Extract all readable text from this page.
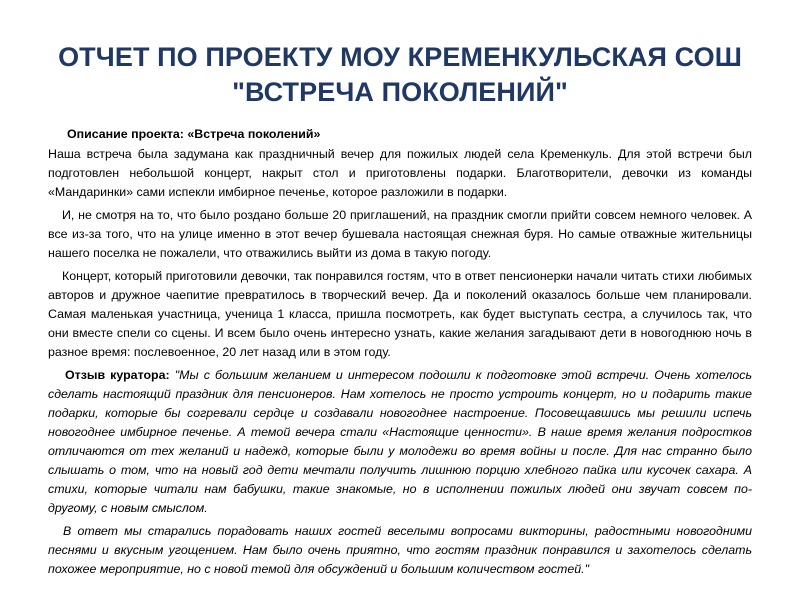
ОТЧЕТ ПО ПРОЕКТУ МОУ КРЕМЕНКУЛЬСКАЯ СОШ
"ВСТРЕЧА ПОКОЛЕНИЙ"
Описание проекта: «Встреча поколений»

Наша встреча была задумана как праздничный вечер для пожилых людей села Кременкуль. Для этой встречи был подготовлен небольшой концерт, накрыт стол и приготовлены подарки. Благотворители, девочки из команды «Мандаринки» сами испекли имбирное печенье, которое разложили в подарки.

И, не смотря на то, что было роздано больше 20 приглашений, на праздник смогли прийти совсем немного человек. А все из-за того, что на улице именно в этот вечер бушевала настоящая снежная буря. Но самые отважные жительницы нашего поселка не пожалели, что отважились выйти из дома в такую погоду.

Концерт, который приготовили девочки, так понравился гостям, что в ответ пенсионерки начали читать стихи любимых авторов и дружное чаепитие превратилось в творческий вечер. Да и поколений оказалось больше чем планировали. Самая маленькая участница, ученица 1 класса, пришла посмотреть, как будет выступать сестра, а случилось так, что они вместе спели со сцены. И всем было очень интересно узнать, какие желания загадывают дети в новогоднюю ночь в разное время: послевоенное, 20 лет назад или в этом году.

Отзыв куратора: "Мы с большим желанием и интересом подошли к подготовке этой встречи. Очень хотелось сделать настоящий праздник для пенсионеров. Нам хотелось не просто устроить концерт, но и подарить такие подарки, которые бы согревали сердце и создавали новогоднее настроение. Посовещавшись мы решили испечь новогоднее имбирное печенье. А темой вечера стали «Настоящие ценности». В наше время желания подростков отличаются от тех желаний и надежд, которые были у молодежи во время войны и после. Для нас странно было слышать о том, что на новый год дети мечтали получить лишнюю порцию хлебного пайка или кусочек сахара. А стихи, которые читали нам бабушки, такие знакомые, но в исполнении пожилых людей они звучат совсем по-другому, с новым смыслом.

В ответ мы старались порадовать наших гостей веселыми вопросами викторины, радостными новогодними песнями и вкусным угощением. Нам было очень приятно, что гостям праздник понравился и захотелось сделать похожее мероприятие, но с новой темой для обсуждений и большим количеством гостей."
